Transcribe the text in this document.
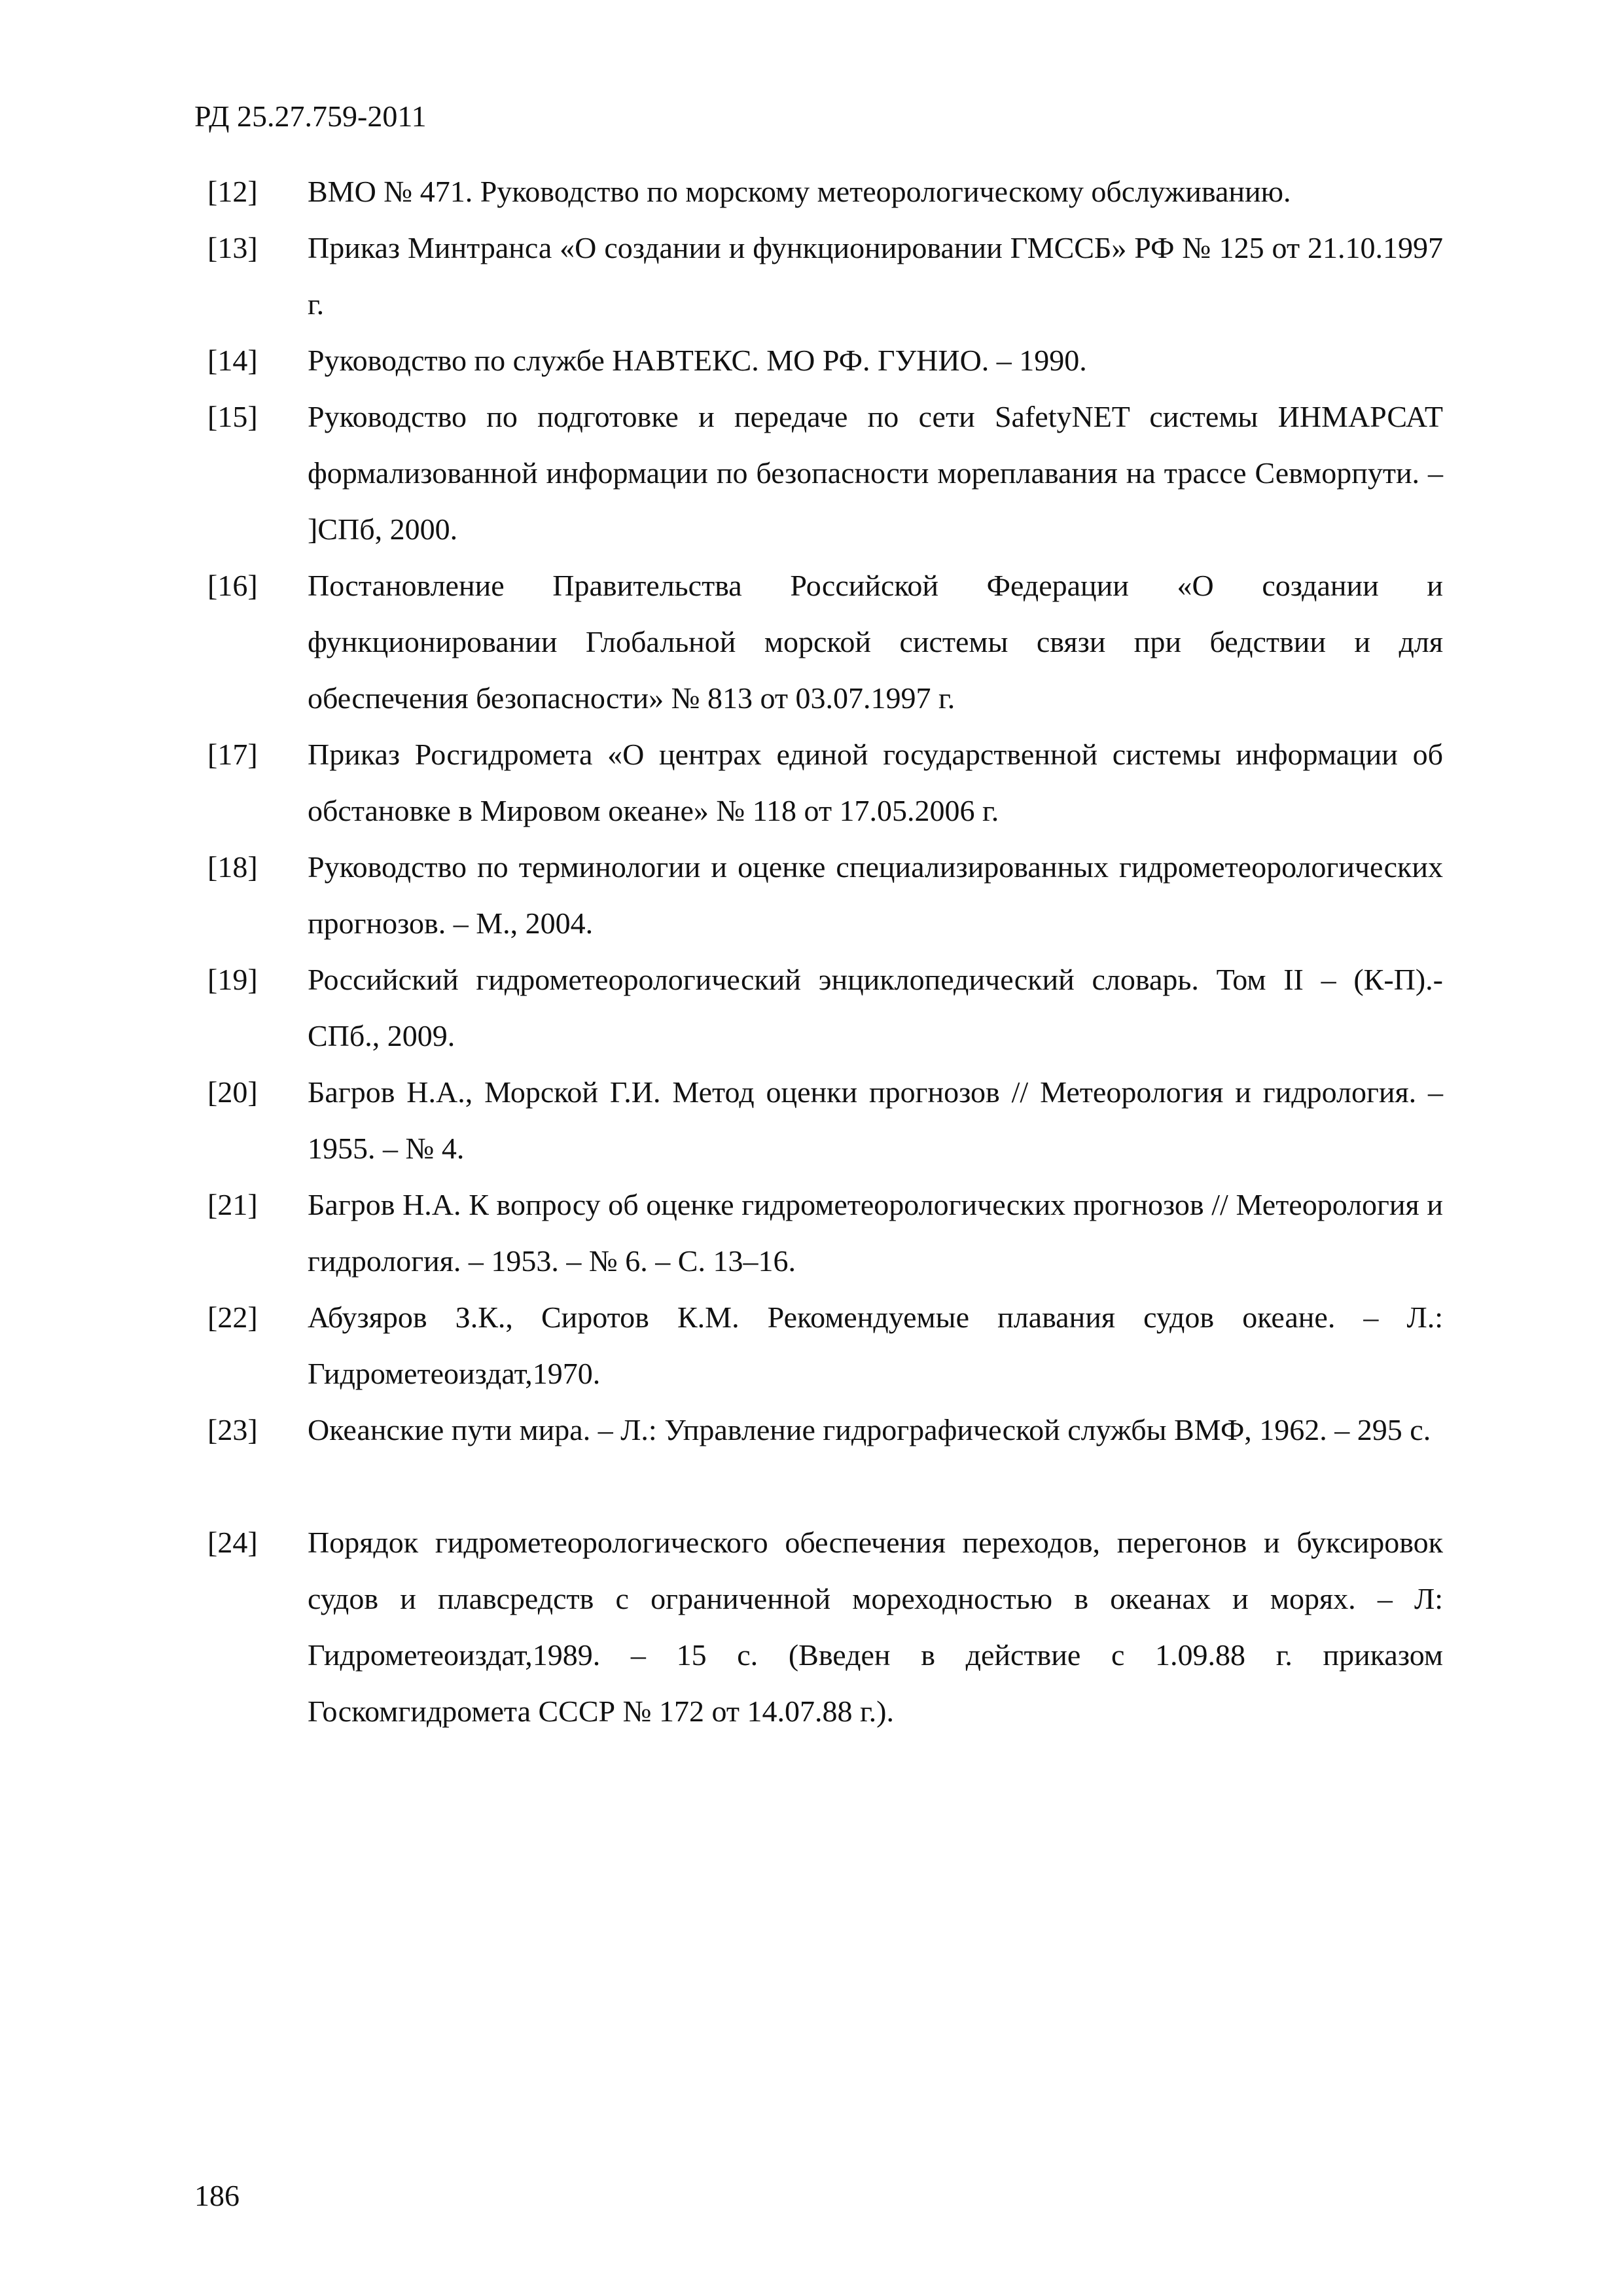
РД 25.27.759-2011
[12]	ВМО № 471. Руководство по морскому метеорологическому обслуживанию.
[13]	Приказ Минтранса «О создании и функционировании ГМССБ» РФ № 125 от 21.10.1997 г.
[14]	Руководство по службе НАВТЕКС. МО РФ. ГУНИО. – 1990.
[15]	Руководство по подготовке и передаче по сети SafetyNET системы ИНМАРСАТ формализованной информации по безопасности мореплавания на трассе Севморпути. – ]СПб, 2000.
[16]	Постановление Правительства Российской Федерации «О создании и функционировании Глобальной морской системы связи при бедствии и для обеспечения безопасности» № 813 от 03.07.1997 г.
[17]	Приказ Росгидромета «О центрах единой государственной системы информации об обстановке в Мировом океане» № 118 от 17.05.2006 г.
[18]	Руководство по терминологии и оценке специализированных гидрометеорологических прогнозов. – М., 2004.
[19]	Российский гидрометеорологический энциклопедический словарь. Том II – (К-П).- СПб., 2009.
[20]	Багров Н.А., Морской Г.И. Метод оценки прогнозов // Метеорология и гидрология. – 1955. – № 4.
[21]	Багров Н.А. К вопросу об оценке гидрометеорологических прогнозов // Метеорология и гидрология. – 1953. – № 6. – С. 13–16.
[22]	Абузяров З.К., Сиротов К.М. Рекомендуемые плавания судов океане. – Л.: Гидрометеоиздат,1970.
[23]	Океанские пути мира. – Л.: Управление гидрографической службы ВМФ, 1962. – 295 с.
[24]	Порядок гидрометеорологического обеспечения переходов, перегонов и буксировок судов и плавсредств с ограниченной мореходностью в океанах и морях. – Л: Гидрометеоиздат,1989. – 15 с. (Введен в действие с 1.09.88 г. приказом Госкомгидромета СССР № 172 от 14.07.88 г.).
186
